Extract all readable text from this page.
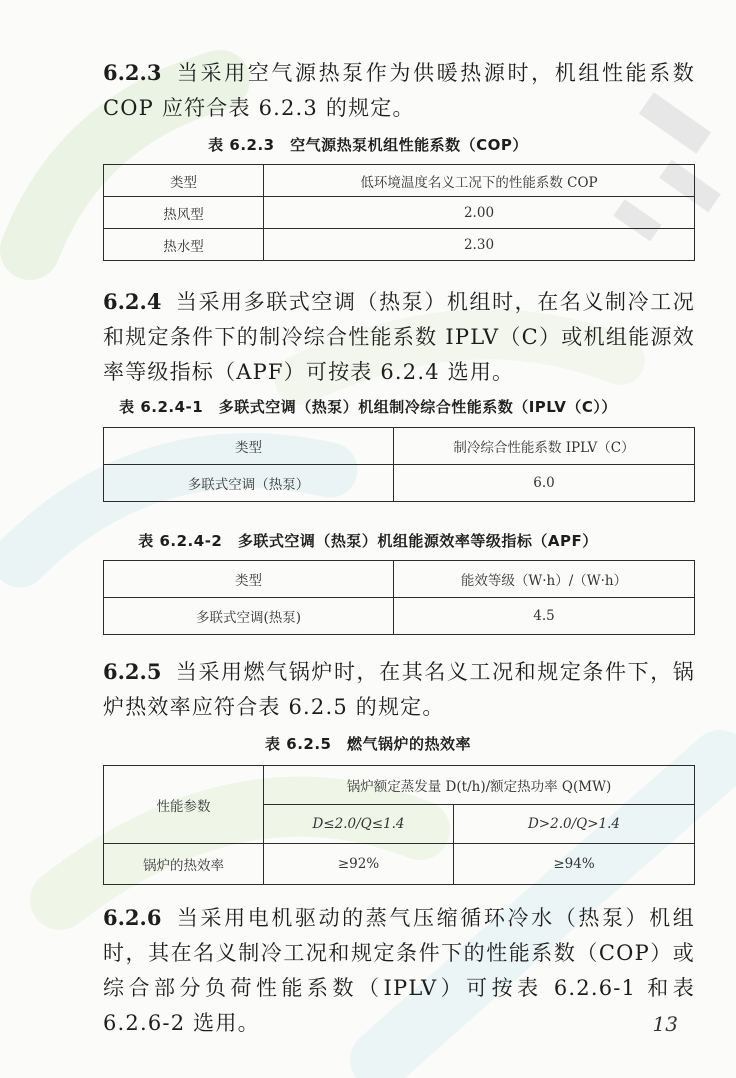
6.2.3 当采用空气源热泵作为供暖热源时，机组性能系数 COP 应符合表 6.2.3 的规定。
表 6.2.3　空气源热泵机组性能系数（COP）
类型	低环境温度名义工况下的性能系数 COP
热风型	2.00
热水型	2.30
6.2.4 当采用多联式空调（热泵）机组时，在名义制冷工况和规定条件下的制冷综合性能系数 IPLV（C）或机组能源效率等级指标（APF）可按表 6.2.4 选用。
表 6.2.4-1　多联式空调（热泵）机组制冷综合性能系数（IPLV（C））
类型	制冷综合性能系数 IPLV（C）
多联式空调（热泵）	6.0
表 6.2.4-2　多联式空调（热泵）机组能源效率等级指标（APF）
类型	能效等级（W·h）/（W·h）
多联式空调(热泵)	4.5
6.2.5 当采用燃气锅炉时，在其名义工况和规定条件下，锅炉热效率应符合表 6.2.5 的规定。
表 6.2.5　燃气锅炉的热效率
性能参数	锅炉额定蒸发量 D(t/h)/额定热功率 Q(MW)	
	D≤2.0/Q≤1.4	D>2.0/Q>1.4
锅炉的热效率	≥92%	≥94%
6.2.6 当采用电机驱动的蒸气压缩循环冷水（热泵）机组时，其在名义制冷工况和规定条件下的性能系数（COP）或综合部分负荷性能系数（IPLV）可按表 6.2.6-1 和表 6.2.6-2 选用。	13
